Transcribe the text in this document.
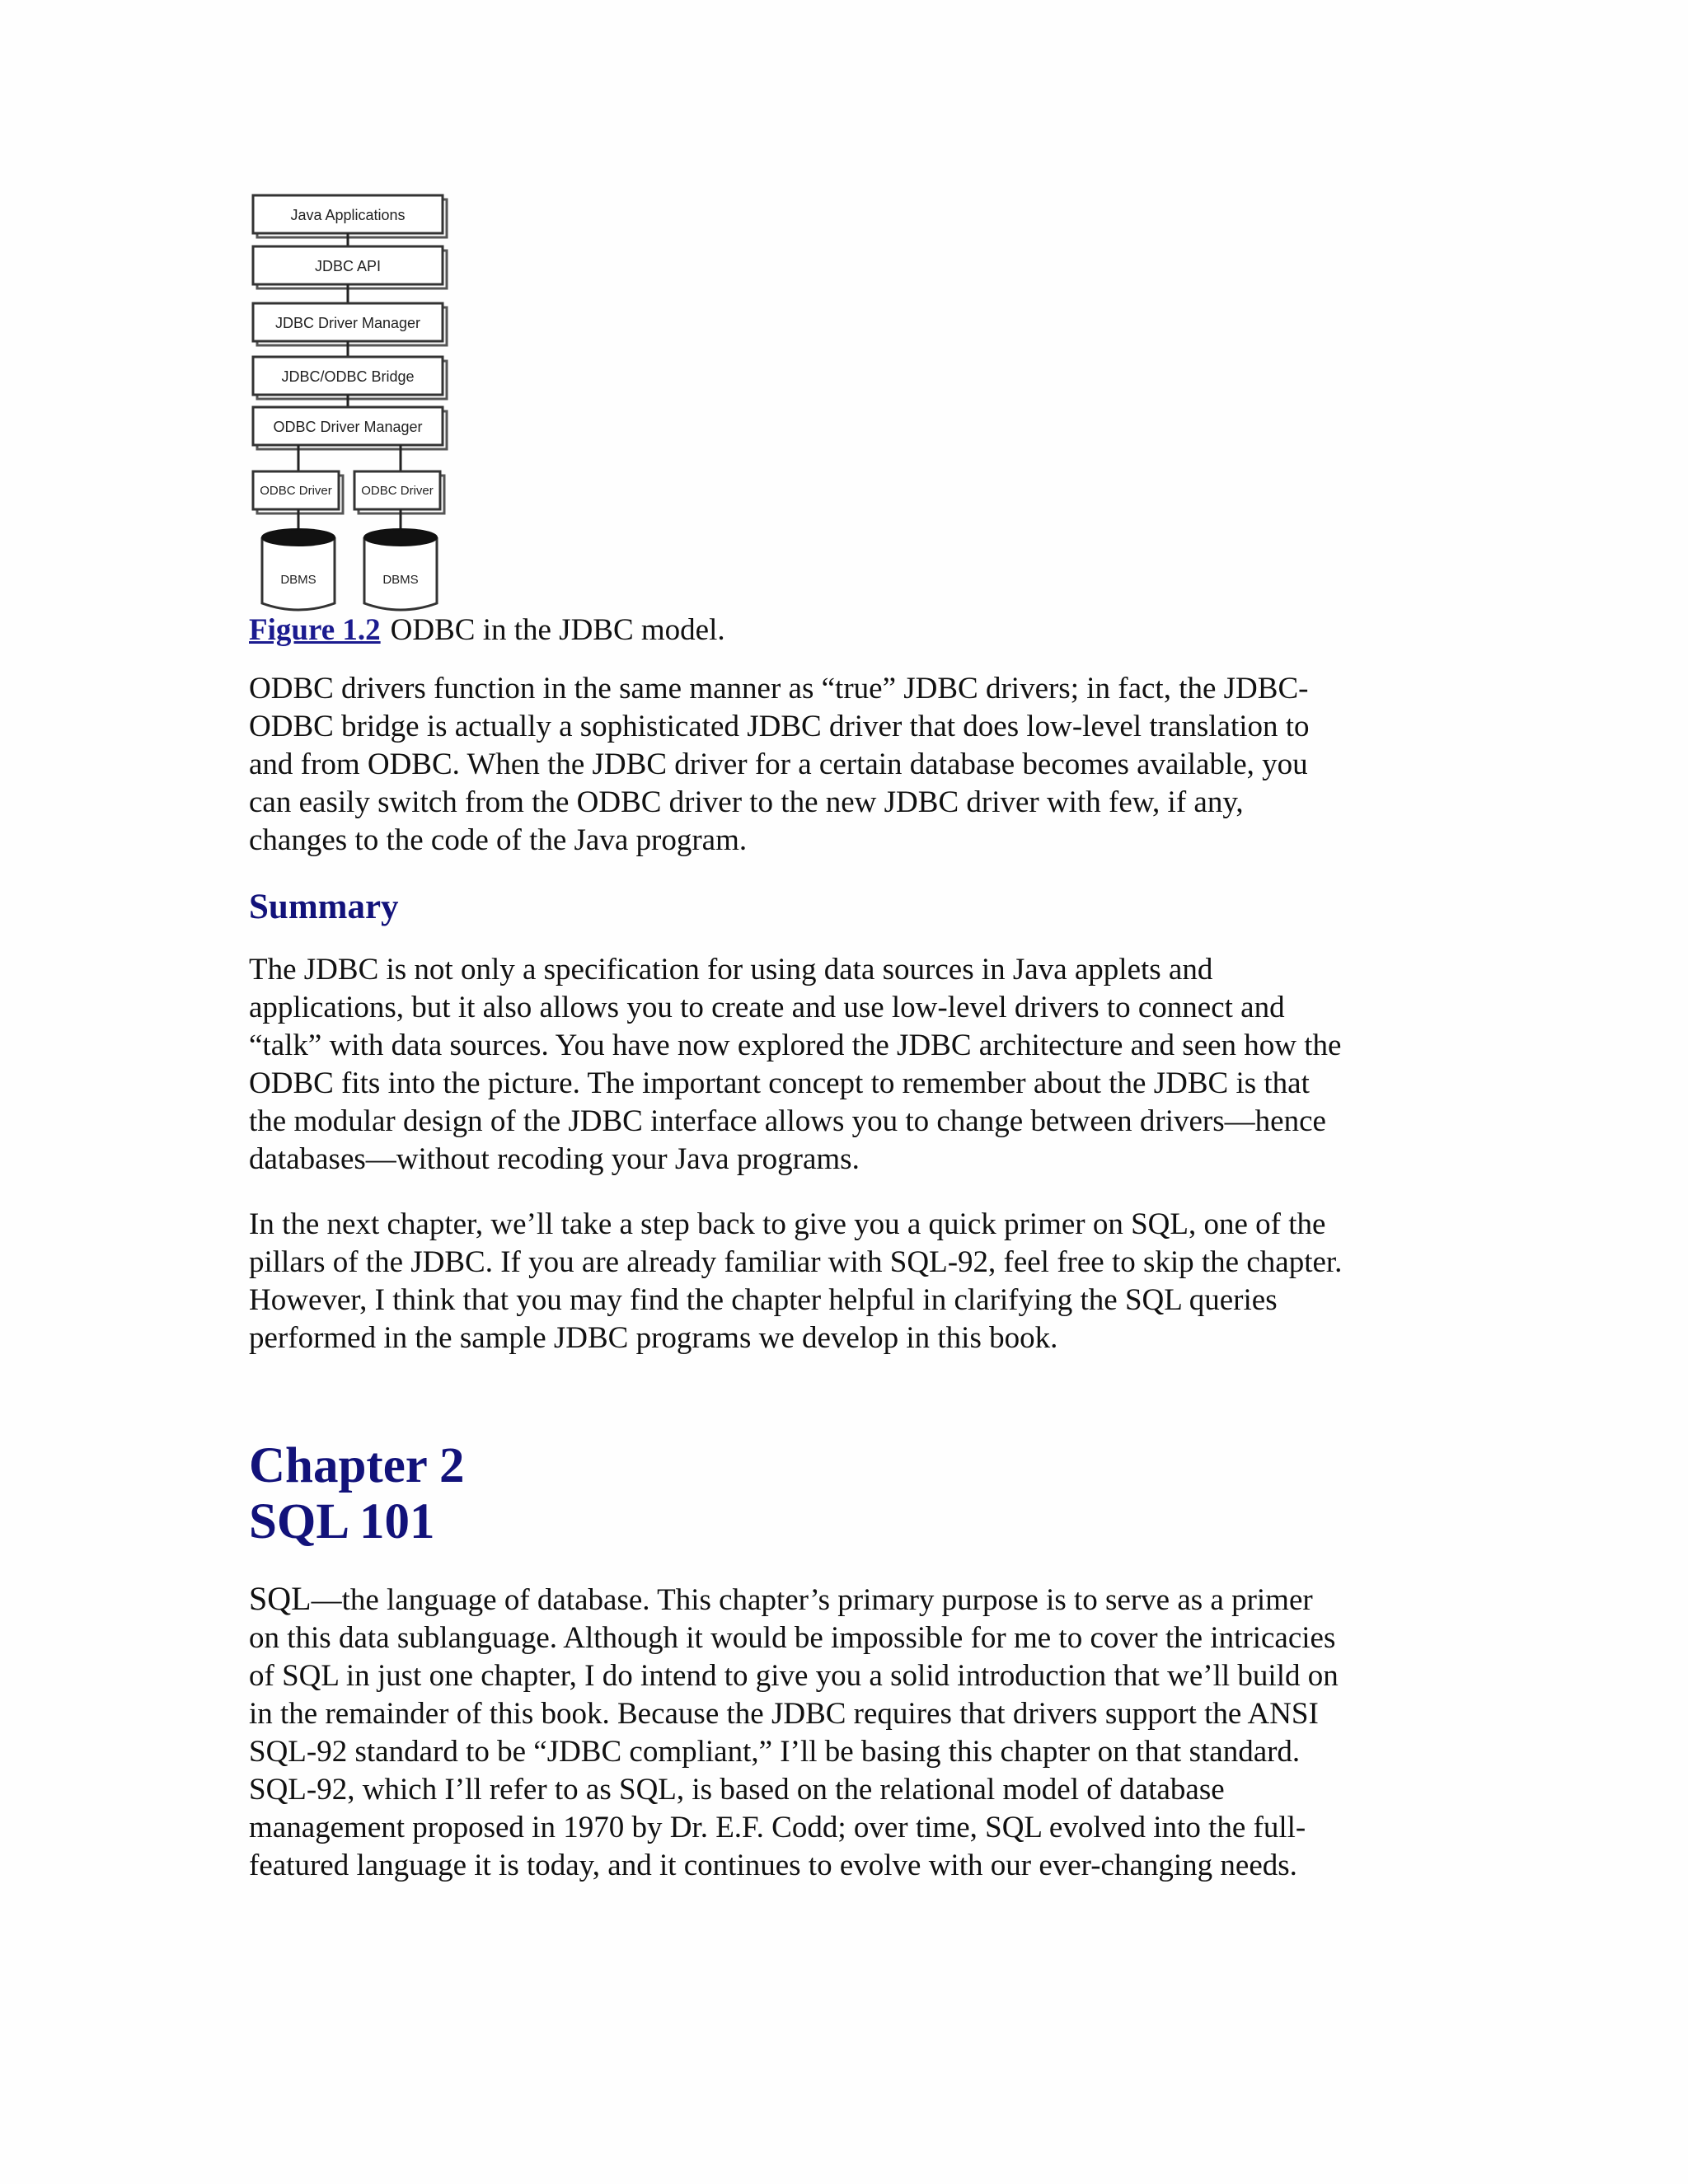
Java Applications
JDBC API
JDBC Driver Manager
JDBC/ODBC Bridge
ODBC Driver Manager
ODBC Driver ODBC Driver
DBMS	DBMS
Figure 1.2 ODBC in the JDBC model.

ODBC drivers function in the same manner as “true” JDBC drivers; in fact, the JDBC-
ODBC bridge is actually a sophisticated JDBC driver that does low-level translation to
and from ODBC. When the JDBC driver for a certain database becomes available, you
can easily switch from the ODBC driver to the new JDBC driver with few, if any,
changes to the code of the Java program.

Summary

The JDBC is not only a specification for using data sources in Java applets and
applications, but it also allows you to create and use low-level drivers to connect and
“talk” with data sources. You have now explored the JDBC architecture and seen how the
ODBC fits into the picture. The important concept to remember about the JDBC is that
the modular design of the JDBC interface allows you to change between drivers—hence
databases—without recoding your Java programs.

In the next chapter, we’ll take a step back to give you a quick primer on SQL, one of the
pillars of the JDBC. If you are already familiar with SQL-92, feel free to skip the chapter.
However, I think that you may find the chapter helpful in clarifying the SQL queries
performed in the sample JDBC programs we develop in this book.

Chapter 2
SQL 101

SQL—the language of database. This chapter’s primary purpose is to serve as a primer
on this data sublanguage. Although it would be impossible for me to cover the intricacies
of SQL in just one chapter, I do intend to give you a solid introduction that we’ll build on
in the remainder of this book. Because the JDBC requires that drivers support the ANSI
SQL-92 standard to be “JDBC compliant,” I’ll be basing this chapter on that standard.
SQL-92, which I’ll refer to as SQL, is based on the relational model of database
management proposed in 1970 by Dr. E.F. Codd; over time, SQL evolved into the full-
featured language it is today, and it continues to evolve with our ever-changing needs.
